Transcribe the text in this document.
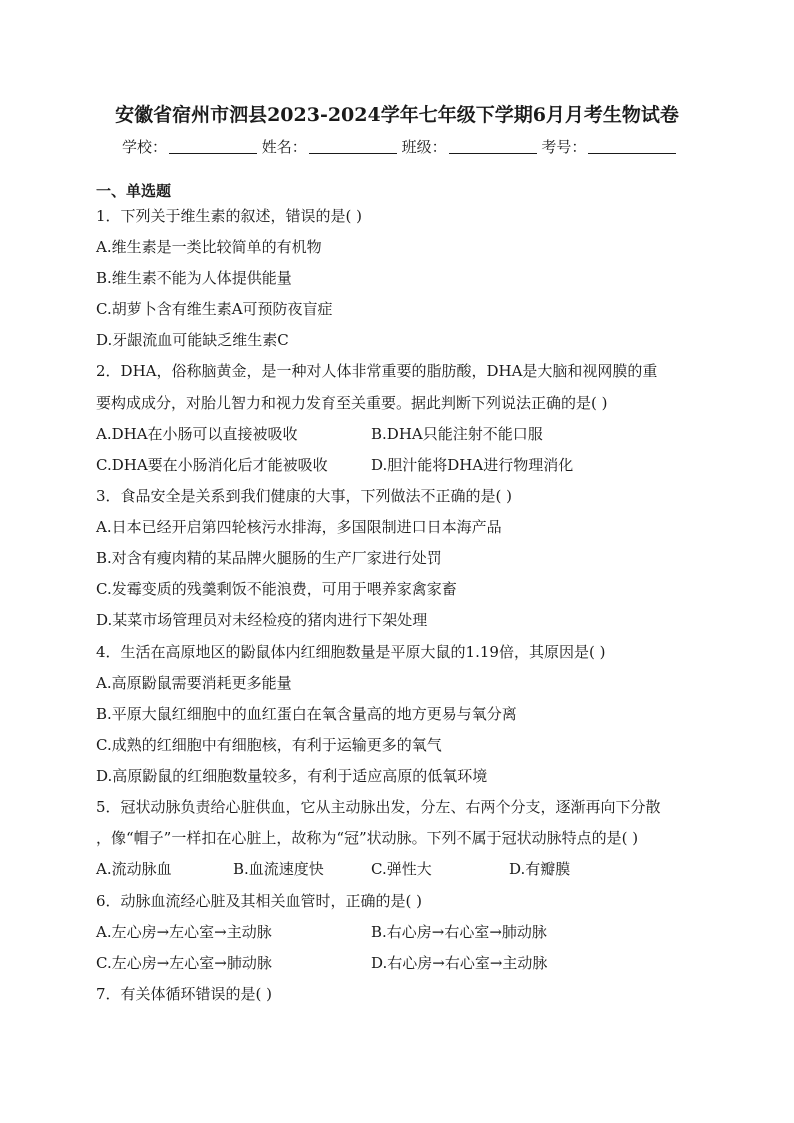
安徽省宿州市泗县2023-2024学年七年级下学期6月月考生物试卷
学校：	姓名：	班级：	考号：
一、单选题
1．下列关于维生素的叙述，错误的是( )
A.维生素是一类比较简单的有机物
B.维生素不能为人体提供能量
C.胡萝卜含有维生素A可预防夜盲症
D.牙龈流血可能缺乏维生素C
2．DHA，俗称脑黄金，是一种对人体非常重要的脂肪酸，DHA是大脑和视网膜的重
要构成成分，对胎儿智力和视力发育至关重要。据此判断下列说法正确的是( )
A.DHA在小肠可以直接被吸收	B.DHA只能注射不能口服
C.DHA要在小肠消化后才能被吸收	D.胆汁能将DHA进行物理消化
3．食品安全是关系到我们健康的大事，下列做法不正确的是( )
A.日本已经开启第四轮核污水排海，多国限制进口日本海产品
B.对含有瘦肉精的某品牌火腿肠的生产厂家进行处罚
C.发霉变质的残羹剩饭不能浪费，可用于喂养家禽家畜
D.某菜市场管理员对未经检疫的猪肉进行下架处理
4．生活在高原地区的鼢鼠体内红细胞数量是平原大鼠的1.19倍，其原因是( )
A.高原鼢鼠需要消耗更多能量
B.平原大鼠红细胞中的血红蛋白在氧含量高的地方更易与氧分离
C.成熟的红细胞中有细胞核，有利于运输更多的氧气
D.高原鼢鼠的红细胞数量较多，有利于适应高原的低氧环境
5．冠状动脉负责给心脏供血，它从主动脉出发，分左、右两个分支，逐渐再向下分散
，像“帽子”一样扣在心脏上，故称为“冠”状动脉。下列不属于冠状动脉特点的是( )
A.流动脉血	B.血流速度快	C.弹性大	D.有瓣膜
6．动脉血流经心脏及其相关血管时，正确的是( )
A.左心房→左心室→主动脉	B.右心房→右心室→肺动脉
C.左心房→左心室→肺动脉	D.右心房→右心室→主动脉
7．有关体循环错误的是( )
